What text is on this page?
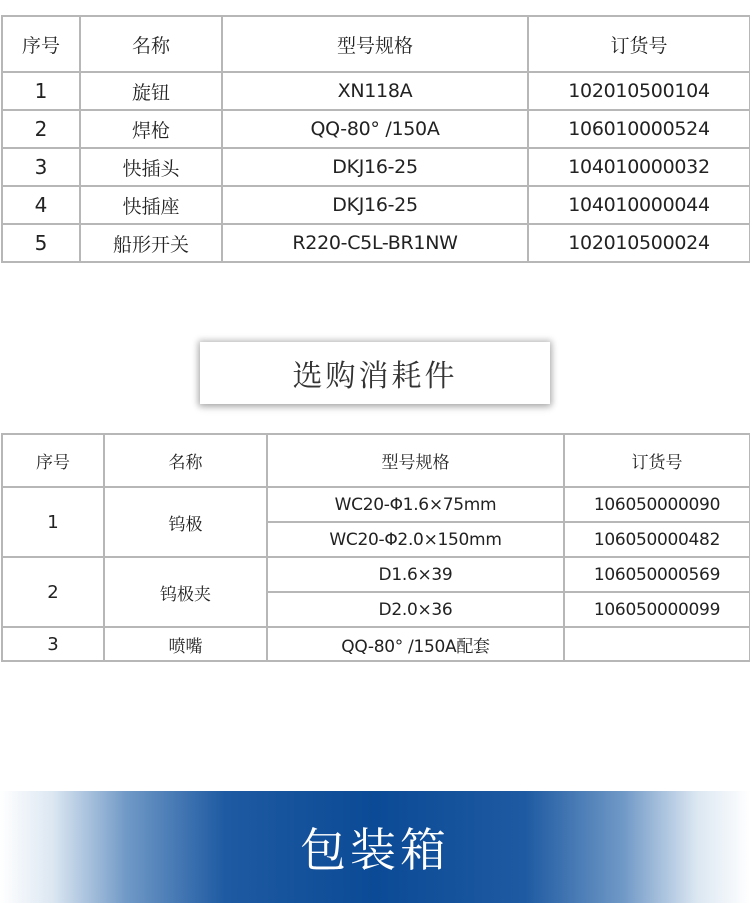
序号	名称	型号规格	订货号
1	旋钮	XN118A	102010500104
2	焊枪	QQ-80° /150A	106010000524
3	快插头	DKJ16-25	104010000032
4	快插座	DKJ16-25	104010000044
5	船形开关	R220-C5L-BR1NW	102010500024
选购消耗件
序号	名称	型号规格	订货号
1	钨极	WC20-Φ1.6×75mm	106050000090
		WC20-Φ2.0×150mm	106050000482
2	钨极夹	D1.6×39	106050000569
		D2.0×36	106050000099
3	喷嘴	QQ-80° /150A配套	
包装箱
